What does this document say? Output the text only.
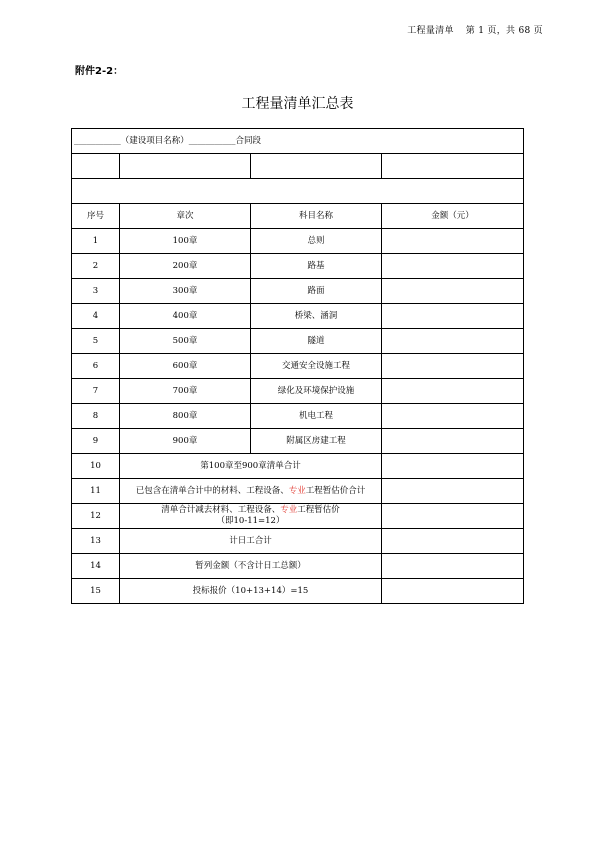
工程量清单 第 1 页，共 68 页
附件2-2：
工程量清单汇总表
___________（建设项目名称）___________合同段			

序号	章次	科目名称	金额（元）
1	100章	总则	
2	200章	路基	
3	300章	路面	
4	400章	桥梁、涵洞	
5	500章	隧道	
6	600章	交通安全设施工程	
7	700章	绿化及环境保护设施	
8	800章	机电工程	
9	900章	附属区房建工程	
10	第100章至900章清单合计		
11	已包含在清单合计中的材料、工程设备、专业工程暂估价合计		
12	清单合计减去材料、工程设备、专业工程暂估价
（即10-11=12）		
13	计日工合计		
14	暂列金额（不含计日工总额）		
15	投标报价（10+13+14）=15		
